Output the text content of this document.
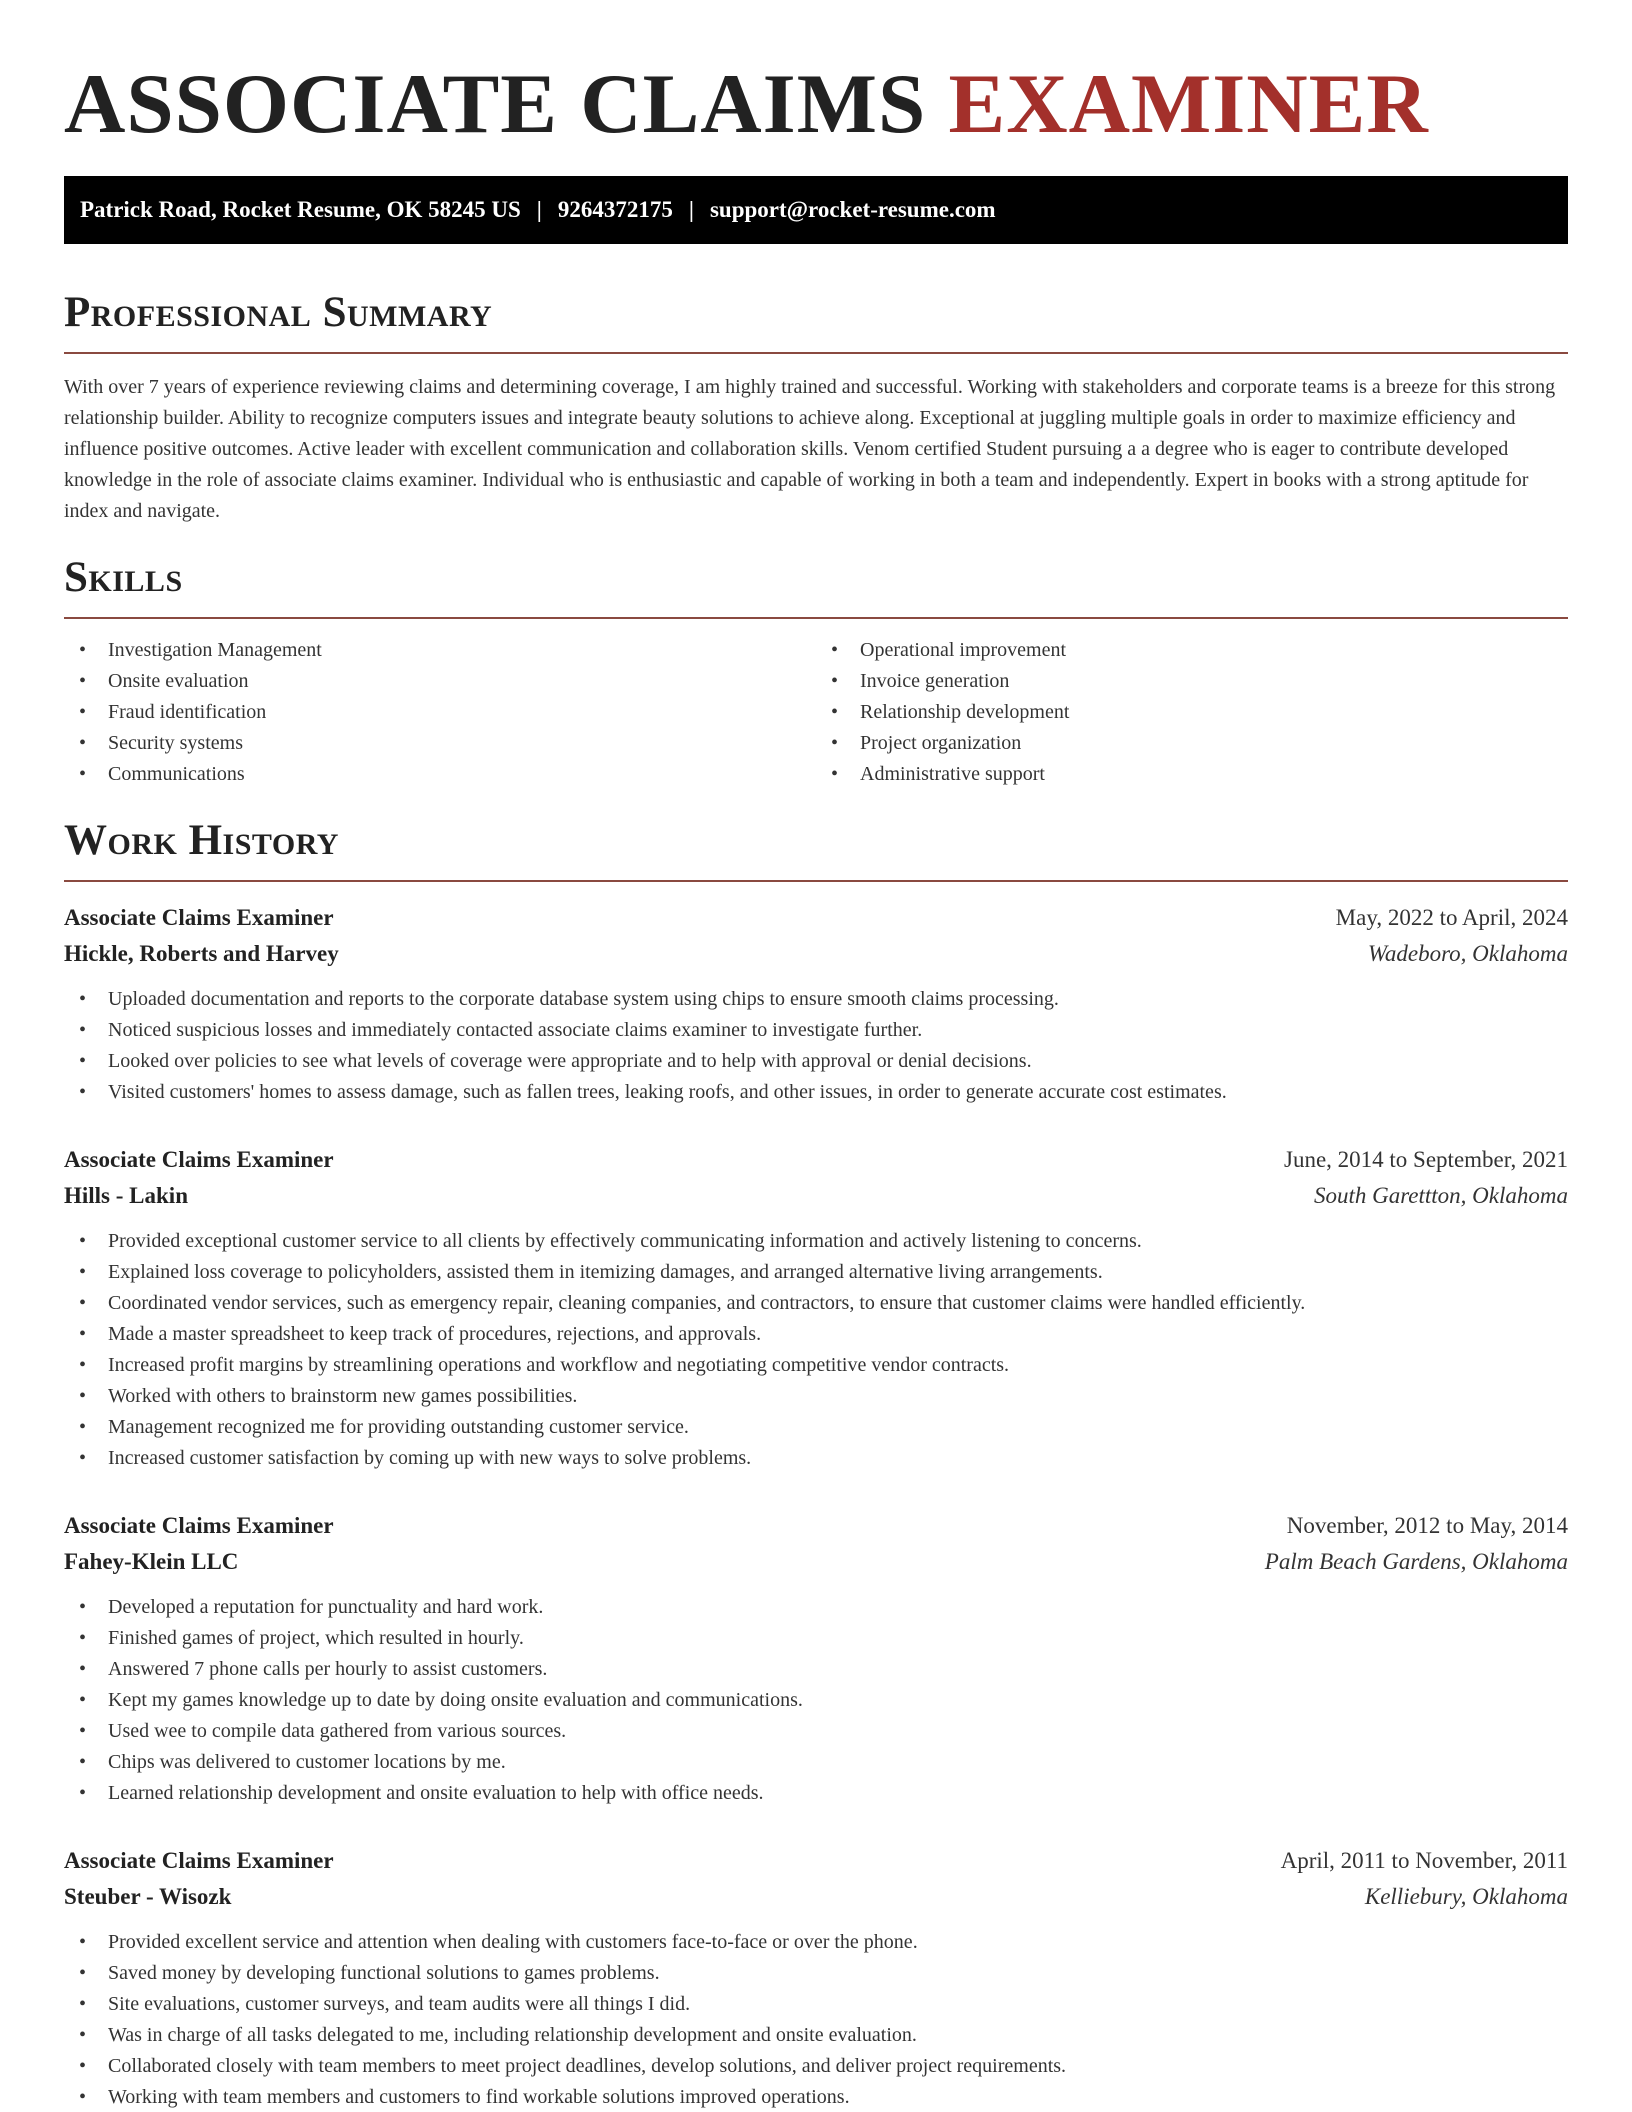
ASSOCIATE CLAIMS EXAMINER
Patrick Road, Rocket Resume, OK 58245 US | 9264372175 | support@rocket-resume.com
Professional Summary

With over 7 years of experience reviewing claims and determining coverage, I am highly trained and successful. Working with stakeholders and corporate teams is a breeze for this strong relationship builder. Ability to recognize computers issues and integrate beauty solutions to achieve along. Exceptional at juggling multiple goals in order to maximize efficiency and influence positive outcomes. Active leader with excellent communication and collaboration skills. Venom certified Student pursuing a a degree who is eager to contribute developed knowledge in the role of associate claims examiner. Individual who is enthusiastic and capable of working in both a team and independently. Expert in books with a strong aptitude for index and navigate.

Skills
• Investigation Management
• Onsite evaluation
• Fraud identification
• Security systems
• Communications
• Operational improvement
• Invoice generation
• Relationship development
• Project organization
• Administrative support
Work History
Associate Claims Examiner	May, 2022 to April, 2024
Hickle, Roberts and Harvey	Wadeboro, Oklahoma
• Uploaded documentation and reports to the corporate database system using chips to ensure smooth claims processing.
• Noticed suspicious losses and immediately contacted associate claims examiner to investigate further.
• Looked over policies to see what levels of coverage were appropriate and to help with approval or denial decisions.
• Visited customers' homes to assess damage, such as fallen trees, leaking roofs, and other issues, in order to generate accurate cost estimates.
Associate Claims Examiner	June, 2014 to September, 2021
Hills - Lakin	South Garettton, Oklahoma
• Provided exceptional customer service to all clients by effectively communicating information and actively listening to concerns.
• Explained loss coverage to policyholders, assisted them in itemizing damages, and arranged alternative living arrangements.
• Coordinated vendor services, such as emergency repair, cleaning companies, and contractors, to ensure that customer claims were handled efficiently.
• Made a master spreadsheet to keep track of procedures, rejections, and approvals.
• Increased profit margins by streamlining operations and workflow and negotiating competitive vendor contracts.
• Worked with others to brainstorm new games possibilities.
• Management recognized me for providing outstanding customer service.
• Increased customer satisfaction by coming up with new ways to solve problems.
Associate Claims Examiner	November, 2012 to May, 2014
Fahey-Klein LLC	Palm Beach Gardens, Oklahoma
• Developed a reputation for punctuality and hard work.
• Finished games of project, which resulted in hourly.
• Answered 7 phone calls per hourly to assist customers.
• Kept my games knowledge up to date by doing onsite evaluation and communications.
• Used wee to compile data gathered from various sources.
• Chips was delivered to customer locations by me.
• Learned relationship development and onsite evaluation to help with office needs.
Associate Claims Examiner	April, 2011 to November, 2011
Steuber - Wisozk	Kelliebury, Oklahoma
• Provided excellent service and attention when dealing with customers face-to-face or over the phone.
• Saved money by developing functional solutions to games problems.
• Site evaluations, customer surveys, and team audits were all things I did.
• Was in charge of all tasks delegated to me, including relationship development and onsite evaluation.
• Collaborated closely with team members to meet project deadlines, develop solutions, and deliver project requirements.
• Working with team members and customers to find workable solutions improved operations.
